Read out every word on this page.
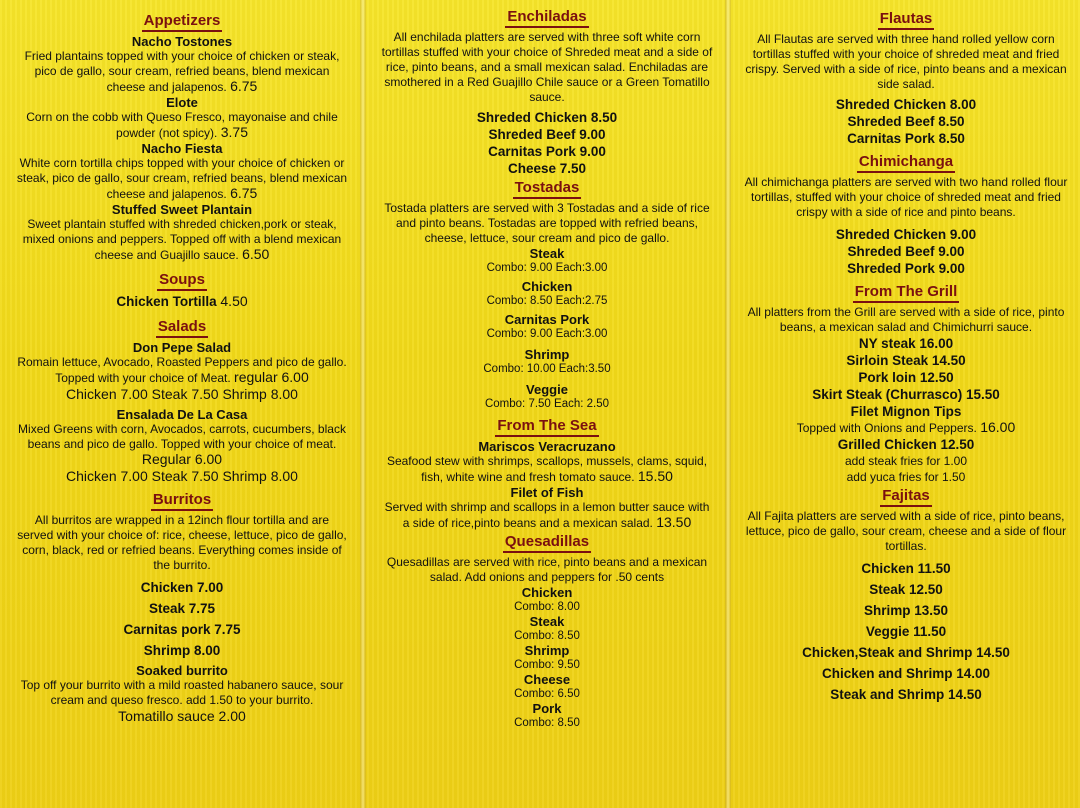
Appetizers
Nacho Tostones
Fried plantains topped with your choice of chicken or steak, pico de gallo, sour cream, refried beans, blend mexican cheese and jalapenos. 6.75
Elote
Corn on the cobb with Queso Fresco, mayonaise and chile powder (not spicy). 3.75
Nacho Fiesta
White corn tortilla chips topped with your choice of chicken or steak, pico de gallo, sour cream, refried beans, blend mexican cheese and jalapenos. 6.75
Stuffed Sweet Plantain
Sweet plantain stuffed with shreded chicken,pork or steak, mixed onions and peppers. Topped off with a blend mexican cheese and Guajillo sauce. 6.50
Soups
Chicken Tortilla 4.50
Salads
Don Pepe Salad
Romain lettuce, Avocado, Roasted Peppers and pico de gallo. Topped with your choice of Meat. regular 6.00
Chicken 7.00 Steak 7.50 Shrimp 8.00
Ensalada De La Casa
Mixed Greens with corn, Avocados, carrots, cucumbers, black beans and pico de gallo. Topped with your choice of meat. Regular 6.00
Chicken 7.00 Steak 7.50 Shrimp 8.00
Burritos
All burritos are wrapped in a 12inch flour tortilla and are served with your choice of: rice, cheese, lettuce, pico de gallo, corn, black, red or refried beans. Everything comes inside of the burrito.
Chicken 7.00
Steak 7.75
Carnitas pork 7.75
Shrimp 8.00
Soaked burrito
Top off your burrito with a mild roasted habanero sauce, sour cream and queso fresco. add 1.50 to your burrito.
Tomatillo sauce 2.00
Enchiladas
All enchilada platters are served with three soft white corn tortillas stuffed with your choice of Shreded meat and a side of rice, pinto beans, and a small mexican salad. Enchiladas are smothered in a Red Guajillo Chile sauce or a Green Tomatillo sauce.
Shreded Chicken 8.50
Shreded Beef 9.00
Carnitas Pork 9.00
Cheese 7.50
Tostadas
Tostada platters are served with 3 Tostadas and a side of rice and pinto beans. Tostadas are topped with refried beans, cheese, lettuce, sour cream and pico de gallo.
Steak
Combo: 9.00 Each:3.00
Chicken
Combo: 8.50 Each:2.75
Carnitas Pork
Combo: 9.00 Each:3.00
Shrimp
Combo: 10.00 Each:3.50
Veggie
Combo: 7.50 Each: 2.50
From The Sea
Mariscos Veracruzano
Seafood stew with shrimps, scallops, mussels, clams, squid, fish, white wine and fresh tomato sauce. 15.50
Filet of Fish
Served with shrimp and scallops in a lemon butter sauce with a side of rice,pinto beans and a mexican salad. 13.50
Quesadillas
Quesadillas are served with rice, pinto beans and a mexican salad. Add onions and peppers for .50 cents
Chicken
Combo: 8.00
Steak
Combo: 8.50
Shrimp
Combo: 9.50
Cheese
Combo: 6.50
Pork
Combo: 8.50
Flautas
All Flautas are served with three hand rolled yellow corn tortillas stuffed with your choice of shreded meat and fried crispy. Served with a side of rice, pinto beans and a mexican side salad.
Shreded Chicken 8.00
Shreded Beef 8.50
Carnitas Pork 8.50
Chimichanga
All chimichanga platters are served with two hand rolled flour tortillas, stuffed with your choice of shreded meat and fried crispy with a side of rice and pinto beans.
Shreded Chicken 9.00
Shreded Beef 9.00
Shreded Pork 9.00
From The Grill
All platters from the Grill are served with a side of rice, pinto beans, a mexican salad and Chimichurri sauce.
NY steak 16.00
Sirloin Steak 14.50
Pork loin 12.50
Skirt Steak (Churrasco) 15.50
Filet Mignon Tips
Topped with Onions and Peppers. 16.00
Grilled Chicken 12.50
add steak fries for 1.00
add yuca fries for 1.50
Fajitas
All Fajita platters are served with a side of rice, pinto beans, lettuce, pico de gallo, sour cream, cheese and a side of flour tortillas.
Chicken 11.50
Steak 12.50
Shrimp 13.50
Veggie 11.50
Chicken,Steak and Shrimp 14.50
Chicken and Shrimp 14.00
Steak and Shrimp 14.50
